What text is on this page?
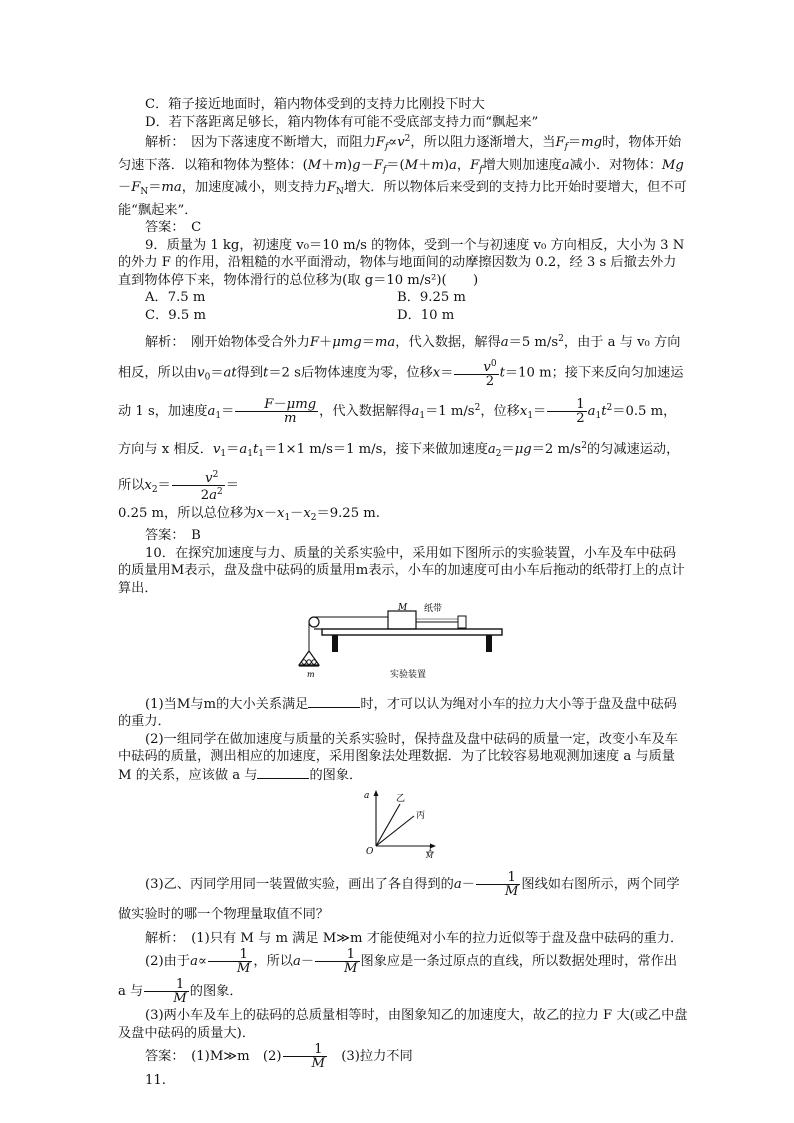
C．箱子接近地面时，箱内物体受到的支持力比刚投下时大

D．若下落距离足够长，箱内物体有可能不受底部支持力而“飘起来”

解析：　因为下落速度不断增大，而阻力$F_f\propto v^2$，所以阻力逐渐增大，当$F_f=mg$时，物体开始匀速下落．以箱和物体为整体：$(M+m)g-F_f=(M+m)a$，$F_f$增大则加速度a减小．对物体：$Mg-F_N=ma$，加速度减小，则支持力$F_N$增大．所以物体后来受到的支持力比开始时要增大，但不可能“飘起来”．

答案：　C

9．质量为 1 kg，初速度 v₀＝10 m/s 的物体，受到一个与初速度 v₀ 方向相反，大小为 3 N 的外力 F 的作用，沿粗糙的水平面滑动，物体与地面间的动摩擦因数为 0.2，经 3 s 后撤去外力直到物体停下来，物体滑行的总位移为(取 g＝10 m/s²)(　　)

A．7.5 m	B．9.25 m
C．9.5 m	D．10 m

解析：　刚开始物体受合外力F＋μmg＝ma，代入数据，解得a＝5 $m/s^2$，由于 a 与 v₀ 方向相反，所以由$v_0=at$得到t＝2 s后物体速度为零，位移$x= \frac{v^0}{2} t=10$ m；接下来反向匀加速运动 1 s，加速度$a_1=$	F－μmg
m	，代入数据解得$a_1=1$ $m/s^2$，位移$x_1= \frac{1}{2} a_1t^2=0.5$ m，方向与 x 相反．$v_1=a_1t_1=1\times 1$ m/s＝1 m/s，接下来做加速度$a_2=\mu g=2$ $m/s^2$的匀减速运动，所以$x_2= \frac{v^2}{2a^2}$ ＝

0.25 m，所以总位移为$x-x_1-x_2=9.25$ m.

答案：　B

10．在探究加速度与力、质量的关系实验中，采用如下图所示的实验装置，小车及车中砝码的质量用M表示，盘及盘中砝码的质量用m表示，小车的加速度可由小车后拖动的纸带打上的点计算出．

M 纸带
m	实验装置

(1)当M与m的大小关系满足	时，才可以认为绳对小车的拉力大小等于盘及盘中砝码的重力．

(2)一组同学在做加速度与质量的关系实验时，保持盘及盘中砝码的质量一定，改变小车及车中砝码的质量，测出相应的加速度，采用图象法处理数据．为了比较容易地观测加速度 a 与质量 M 的关系，应该做 a 与	的图象．

a	乙
丙
O	1
M

(3)乙、丙同学用同一装置做实验，画出了各自得到的$a- \frac{1}{M}$ 图线如右图所示，两个同学做实验时的哪一个物理量取值不同？

解析：　(1)只有 M 与 m 满足 M≫m 才能使绳对小车的拉力近似等于盘及盘中砝码的重力．

(2)由于$a\propto \frac{1}{M}$ ，所以$a- \frac{1}{M}$ 图象应是一条过原点的直线，所以数据处理时，常作出 a 与 $\frac{1}{M}$ 的图象．

(3)两小车及车上的砝码的总质量相等时，由图象知乙的加速度大，故乙的拉力 F 大(或乙中盘及盘中砝码的质量大)．

答案：　(1)M≫m　$(2) \frac{1}{M}$ 　(3)拉力不同

11.
